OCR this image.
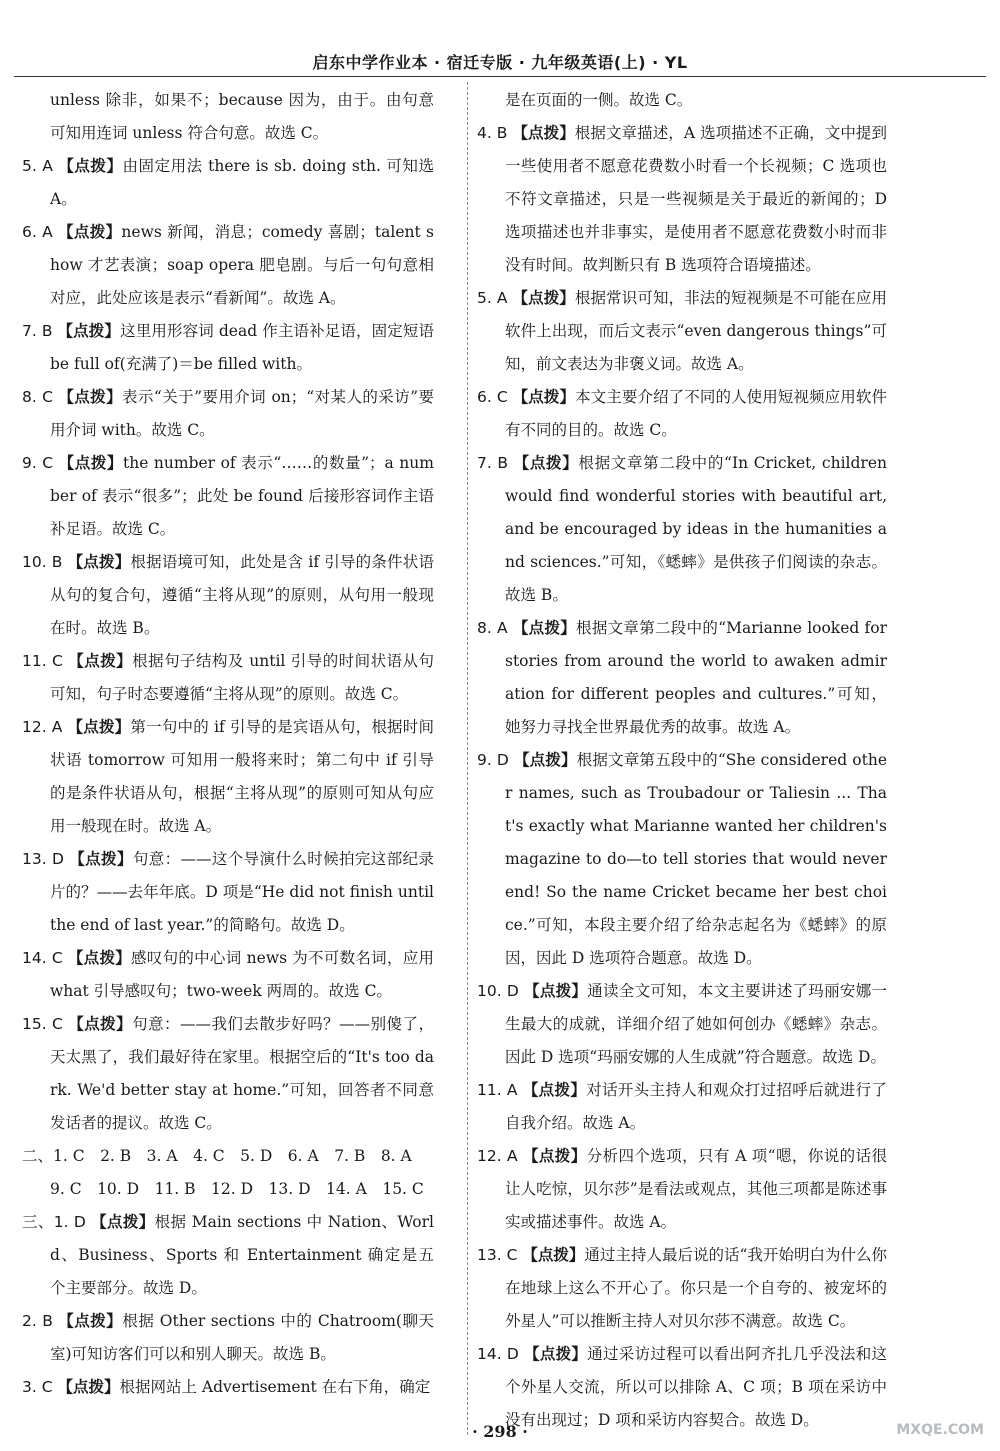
启东中学作业本 · 宿迁专版 · 九年级英语(上) · YL

unless 除非，如果不；because 因为，由于。由句意可知用连词 unless 符合句意。故选 C。

5. A 【点拨】由固定用法 there is sb. doing sth. 可知选 A。

6. A 【点拨】news 新闻，消息；comedy 喜剧；talent show 才艺表演；soap opera 肥皂剧。与后一句句意相对应，此处应该是表示“看新闻”。故选 A。

7. B 【点拨】这里用形容词 dead 作主语补足语，固定短语 be full of(充满了)＝be filled with。

8. C 【点拨】表示“关于”要用介词 on；“对某人的采访”要用介词 with。故选 C。

9. C 【点拨】the number of 表示“……的数量”；a number of 表示“很多”；此处 be found 后接形容词作主语补足语。故选 C。

10. B 【点拨】根据语境可知，此处是含 if 引导的条件状语从句的复合句，遵循“主将从现”的原则，从句用一般现在时。故选 B。

11. C 【点拨】根据句子结构及 until 引导的时间状语从句可知，句子时态要遵循“主将从现”的原则。故选 C。

12. A 【点拨】第一句中的 if 引导的是宾语从句，根据时间状语 tomorrow 可知用一般将来时；第二句中 if 引导的是条件状语从句，根据“主将从现”的原则可知从句应用一般现在时。故选 A。

13. D 【点拨】句意：——这个导演什么时候拍完这部纪录片的？——去年年底。D 项是“He did not finish until the end of last year.”的简略句。故选 D。

14. C 【点拨】感叹句的中心词 news 为不可数名词，应用 what 引导感叹句；two-week 两周的。故选 C。

15. C 【点拨】句意：——我们去散步好吗？——别傻了，天太黑了，我们最好待在家里。根据空后的“It's too dark. We'd better stay at home.”可知，回答者不同意发话者的提议。故选 C。

二、1. C　2. B　3. A　4. C　5. D　6. A　7. B　8. A

9. C　10. D　11. B　12. D　13. D　14. A　15. C

三、1. D 【点拨】根据 Main sections 中 Nation、World、Business、Sports 和 Entertainment 确定是五个主要部分。故选 D。

2. B 【点拨】根据 Other sections 中的 Chatroom(聊天室)可知访客们可以和别人聊天。故选 B。

3. C 【点拨】根据网站上 Advertisement 在右下角，确定

是在页面的一侧。故选 C。

4. B 【点拨】根据文章描述，A 选项描述不正确，文中提到一些使用者不愿意花费数小时看一个长视频；C 选项也不符文章描述，只是一些视频是关于最近的新闻的；D 选项描述也并非事实，是使用者不愿意花费数小时而非没有时间。故判断只有 B 选项符合语境描述。

5. A 【点拨】根据常识可知，非法的短视频是不可能在应用软件上出现，而后文表示“even dangerous things”可知，前文表达为非褒义词。故选 A。

6. C 【点拨】本文主要介绍了不同的人使用短视频应用软件有不同的目的。故选 C。

7. B 【点拨】根据文章第二段中的“In Cricket, children would find wonderful stories with beautiful art, and be encouraged by ideas in the humanities and sciences.”可知，《蟋蟀》是供孩子们阅读的杂志。故选 B。

8. A 【点拨】根据文章第二段中的“Marianne looked for stories from around the world to awaken admiration for different peoples and cultures.”可知，她努力寻找全世界最优秀的故事。故选 A。

9. D 【点拨】根据文章第五段中的“She considered other names, such as Troubadour or Taliesin ... That's exactly what Marianne wanted her children's magazine to do—to tell stories that would never end! So the name Cricket became her best choice.”可知，本段主要介绍了给杂志起名为《蟋蟀》的原因，因此 D 选项符合题意。故选 D。

10. D 【点拨】通读全文可知，本文主要讲述了玛丽安娜一生最大的成就，详细介绍了她如何创办《蟋蟀》杂志。因此 D 选项“玛丽安娜的人生成就”符合题意。故选 D。

11. A 【点拨】对话开头主持人和观众打过招呼后就进行了自我介绍。故选 A。

12. A 【点拨】分析四个选项，只有 A 项“嗯，你说的话很让人吃惊，贝尔莎”是看法或观点，其他三项都是陈述事实或描述事件。故选 A。

13. C 【点拨】通过主持人最后说的话“我开始明白为什么你在地球上这么不开心了。你只是一个自夸的、被宠坏的外星人”可以推断主持人对贝尔莎不满意。故选 C。

14. D 【点拨】通过采访过程可以看出阿齐扎几乎没法和这个外星人交流，所以可以排除 A、C 项；B 项在采访中没有出现过；D 项和采访内容契合。故选 D。

· 298 ·	MXQE.COM
